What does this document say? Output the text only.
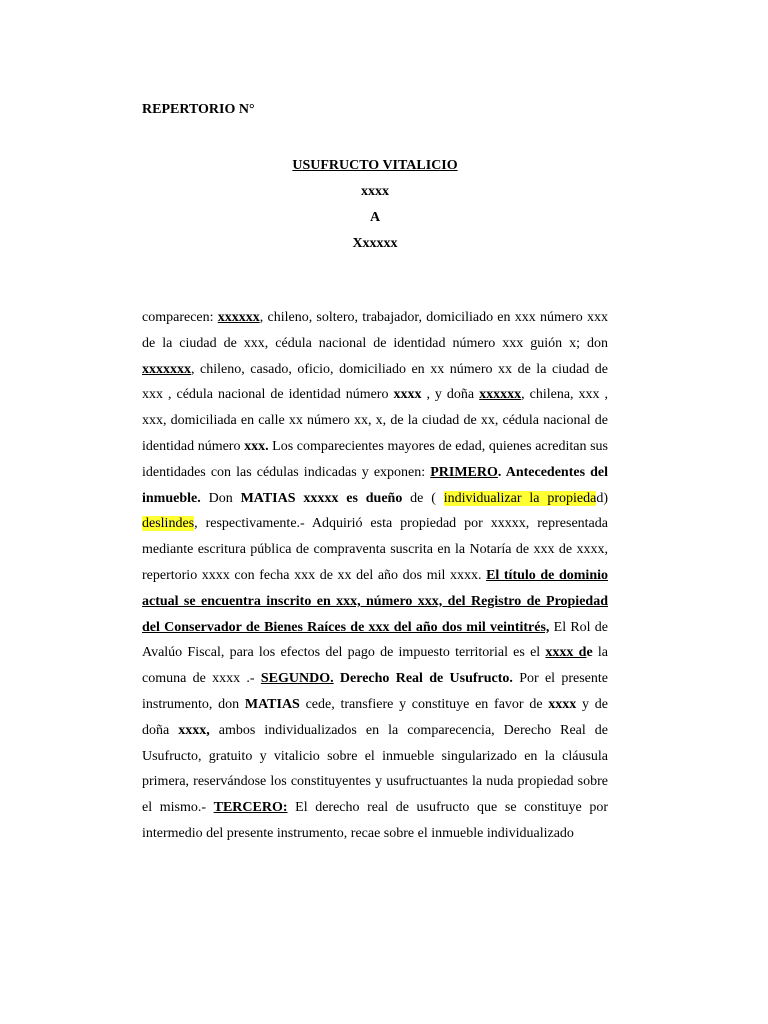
REPERTORIO N°

USUFRUCTO VITALICIO
xxxx
A
Xxxxxx

comparecen: xxxxxx, chileno, soltero, trabajador, domiciliado en xxx número xxx de la ciudad de xxx, cédula nacional de identidad número xxx guión x; don xxxxxxx, chileno, casado, oficio, domiciliado en xx número xx de la ciudad de xxx , cédula nacional de identidad número xxxx , y doña xxxxxx, chilena, xxx , xxx, domiciliada en calle xx número xx, x, de la ciudad de xx, cédula nacional de identidad número xxx. Los comparecientes mayores de edad, quienes acreditan sus identidades con las cédulas indicadas y exponen: PRIMERO. Antecedentes del inmueble. Don MATIAS xxxxx es dueño de ( individualizar la propiedad) deslindes, respectivamente.- Adquirió esta propiedad por xxxxx, representada mediante escritura pública de compraventa suscrita en la Notaría de xxx de xxxx, repertorio xxxx con fecha xxx de xx del año dos mil xxxx. El título de dominio actual se encuentra inscrito en xxx, número xxx, del Registro de Propiedad del Conservador de Bienes Raíces de xxx del año dos mil veintitrés, El Rol de Avalúo Fiscal, para los efectos del pago de impuesto territorial es el xxxx de la comuna de xxxx .- SEGUNDO. Derecho Real de Usufructo. Por el presente instrumento, don MATIAS cede, transfiere y constituye en favor de xxxx y de doña xxxx, ambos individualizados en la comparecencia, Derecho Real de Usufructo, gratuito y vitalicio sobre el inmueble singularizado en la cláusula primera, reservándose los constituyentes y usufructuantes la nuda propiedad sobre el mismo.- TERCERO: El derecho real de usufructo que se constituye por intermedio del presente instrumento, recae sobre el inmueble individualizado
